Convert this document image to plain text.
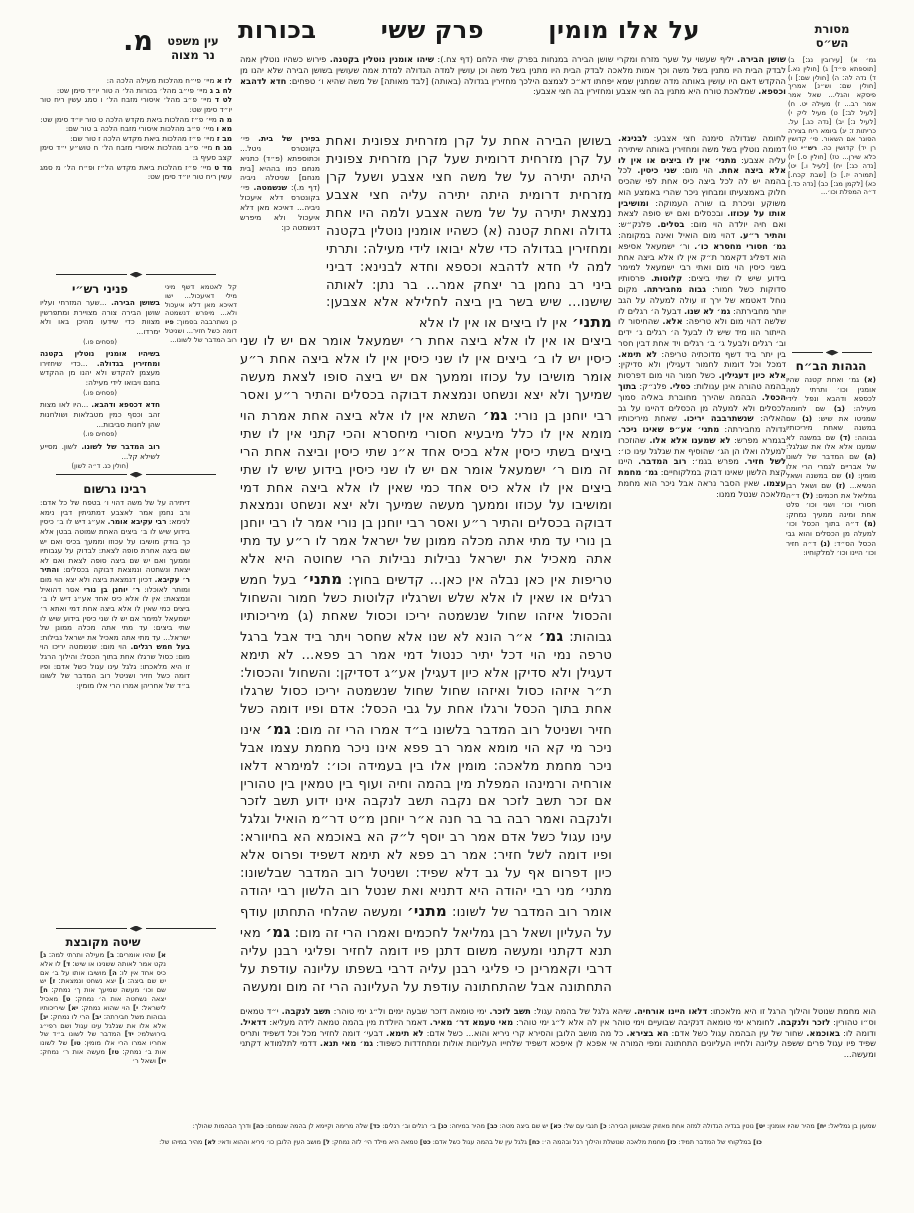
מסורת
הש״ס
על אלו מומין
פרק ששי
בכורות
מ.	עין משפט
נר מצוה
לז א מיי׳ פי״ח מהלכות מעילה הלכה ה:
לח ב ג מיי׳ פי״ב מהל׳ בכורות הל׳ ה טור יו״ד סימן שט:
לט ד מיי׳ פ״ב מהל׳ איסורי מזבח הל׳ ו סמג עשין ריח טור יו״ד סימן שט:
מ ה מיי׳ פ״ז מהלכות ביאת מקדש הלכה ט טור יו״ד סימן שט:
מא ו מיי׳ פ״ב מהלכות איסורי מזבח הלכה ב טור שם:
מב ז מיי׳ פ״ז מהלכות ביאת מקדש הלכה ז טור שם:
מג ח מיי׳ פ״ב מהלכות איסורי מזבח הל׳ ח טוש״ע י״ד סימן קצב סעיף ג:
מד ט מיי׳ פ״ז מהלכות ביאת מקדש הל״ז ופ״ח הל׳ מ סמג עשין ריח טור יו״ד סימן שט:
פניני רש״י
בשושן הבירה. ...שער המזרחי ועליו שושן הבירה צורה מצויירת ומתפרשין מצוות כדי שידעו מהיכן באו ולא ימרדו...
(פסחים פו.)
בשיהיו אומנין נוטלין בקטנה ומחזירין בגדולה. ...כדי שיחזירו מעצמן להקדש ולא יהנו מן ההקדש בחנם ויבואו לידי מעילה:
(פסחים פו.)
חדא דכספא ודהבא. ...היו לאו מצות זהב וכסף כמין מטבלאות ושולחנות שהן לחנות סביבות...
(פסחים פו.)
רוב המדבר של לשונו. לשון. מסייע לשילא קל...
(חולין כג. ד״ה לשון)
קל לאטמא דשף מיני מילי דאיעכול... ישו דאיכא מאן דלא איעכול ולא... מיפרש דנשמטה כן נשתרבבה בסמוך: פיו דומה כשל חזיר... ושניטל רוב המדבר של לשונו...
רבינו גרשום
דיתירה על של משה דהוי ו׳ בטפח של כל אדם: ורב נחמן אמר לאצבע דמתניתין דבין נימא לנימא: רבי עקיבא אומר. אע״ג דיש לו ב׳ כיסין בידוע שיש לו ב׳ ביצים האחת שמוטה בבטן אלא כך בודק מושיבו על עכוזו וממעך בכיס ואם יש שם ביצה אחרת סופה לצאת: לבדוק על עגבותיו וממעך ואם יש שם ביצה סופה לצאת ואם לא יצאת ונשחטה ונמצאת דבוקה בכסלים: והתיר ר׳ עקיבא. דכיון דנמצאת ביצה ולא יצא הוי מום ומותר לאוכלו: ר׳ יוחנן בן נורי אסר דהואיל ונמצאת: אין לו אלא כיס אחד אע״ג דיש לו ב׳ ביצים כמי שאין לו אלא ביצה אחת דמי ואתא ר׳ ישמעאל למימר אם יש לו שני כיסין בידוע שיש לו שתי ביצים: עד מתי אתה מכלה ממונן של ישראל... עד מתי אתה מאכיל את ישראל נבילות: בעל חמש רגלים. הוי מום: שנשמטה יריכו הוי מום: כסול שרגלו אחת בתוך הכסל: והילוך הרגל זו היא מלאכתו: גלגל עינו עגול כשל אדם: ופיו דומה כשל חזיר ושניטל רוב המדבר של לשונו ב״ד של אחריהן אמרו הרי אלו מומין:
שיטה מקובצת
א] שהיו אומרים: ב] מעילה ותרתי למה: ג] נקט אמר לאותה ששנינו או שיש: ד] לו אלא כיס אחד אין לו: ה] מושיבו אותו על ב׳ אם יש שם ביצה: ו] יצא נשחט ונמצאת: ז] יש שם וכו׳ מעשה שמיעך אות ך׳ נמחק: ח] יצאה נשחטה אות ה׳ נמחק: ט] מאכיל לישראל: י] הוי שהוא נמחק: יא] שיריכותיו גבוהות משל חבירתה: יב] הרי לו נמחק: יג] אלא אלו את שגלגל עינו עגול ושם רפי״ג בירושלמי: יד] המדבר של לשונו ב״ד של אחריו אמרו הרי אלו מומין: טו] של לשונו אות ב׳ נמחק: טז] מעשה אות ר׳ נמחק: יז] ושאל ר׳
גמ׳ א) [עירובין נג:] ב) [תוספתא פ״ד] ג) [חולין נא.] ד) נדה לה: ה) [חולין שם:] ו) [חולין שם: וש״נ] אמריך פיסקא והגלי... שאל אמר אמר רב... ז) מעילה יט. ח) [לעיל לב:] ט) מעיל ליק י) [לעיל נ:] יב) [נדה כג.] על. כריתות ז: יג) ביומא ריח בצירה הסוגר אם השאור. פי׳ קדושין רן יד) קדושין כה. רש״י טו) כלא שירן... טז) [חולין ס.] יז) [נדה כג:] יח) [לעיל ו.] יט) [תמורה יז.] כ) [שבת קכח.] כא) [לקמן מג:] כב) [נדה כד.] ד״ה המפלת וכו׳...
הגהות הב״ח
(א) גמ׳ ואחת קטנה שהיו אומנין וכו׳ ותרתי למה לכספא ודהבא ונפל לידי מעילה: (ב) שם לחומה שמניטו את שיש: (ג) שם במשנה שאחת מיריכותיו גבוהה: (ד) שם במשנה לא שמענו אלא אלו את שגלגל: (ה) שם המדבר של לשונו של אבריים לגמרי הרי אלו מומין: (ו) שם במשנה ושאל הנשיא... (ז) שם ושאל רבן גמליאל את חכמים: (ל) ד״ה חסורי וכו׳ ושני וכו׳ פלט אחת ומינה ממעיך נמחק: (מ) ד״ה בתוך הכסל וכו׳ למעלה מן הכסלים והוא גבי הכסל הס״ד: (נ) ד״ה חזיר וכו׳ היינו וכו׳ למלקוחיו:
שושן הבירה. יליף שעשוי על שער מזרח ומקרי שושן הבירה במנחות בפרק שתי הלחם (דף צח.): שיהו אומנין נוטלין בקטנה. פירוש כשהיו נוטלין אמה לבדק הבית היו מתנין בשל משה וכך אמות מלאכה לבדק הבית היו מתנין בשל משה וכן עושין למדה הגדולה למדת אמה שעושין בשושן הבירה שלא יהנו מן ההקדש דאם היו עושין באותה מדה שמתנין שמא יפחתו דא״כ לצמצם הילכך מחזירין בגדולה (באותה) [לבד מאותה] של משה שהיא ו׳ טפחים: חדא לדהבא וכספא. שמלאכת טורח היא מתנין בה חצי אצבע ומחזירין בה חצי אצבע:
בפירן של בית. פי׳ בקונטרס ניטל... וכתוספתא (פ״ד) כתניא מנחם כמו בההיא [בית מנחם] שניטלה ניביה (דף מ.): שנשמטה. פי׳ בקונטרס דלא איעכול ניביה... דאיכא מאן דלא איעכול ולא מיפרש דנשמטה כן:
בשושן הבירה אחת על קרן מזרחית צפונית ואחת על קרן מזרחית דרומית שעל קרן מזרחית צפונית היתה יתירה על של משה חצי אצבע ושעל קרן מזרחית דרומית היתה יתירה עליה חצי אצבע נמצאת יתירה על של משה אצבע ולמה היו אחת גדולה ואחת קטנה (א) כשהיו אומנין נוטלין בקטנה ומחזירין בגדולה כדי שלא יבואו לידי מעילה: ותרתי למה לי חדא לדהבא וכספא וחדא לבנינא: דביני ביני רב נחמן בר יצחק אמר... בר נתן: לאותה שישנו... שיש בשר בין ביצה לחלילא אלא אצבען: מתני׳ אין לו ביצים או אין לו אלא
ביצים או אין לו אלא ביצה אחת ר׳ ישמעאל אומר אם יש לו שני כיסין יש לו ב׳ ביצים אין לו שני כיסין אין לו אלא ביצה אחת ר״ע אומר מושיבו על עכוזו וממעך אם יש ביצה סופו לצאת מעשה שמיעך ולא יצא ונשחט ונמצאת דבוקה בכסלים והתיר ר״ע ואסר רבי יוחנן בן נורי: גמ׳ השתא אין לו אלא ביצה אחת אמרת הוי מומא אין לו כלל מיבעיא חסורי מיחסרא והכי קתני אין לו שתי ביצים בשתי כיסין אלא בכיס אחד א״נ שתי כיסין וביצה אחת הרי זה מום ר׳ ישמעאל אומר אם יש לו שני כיסין בידוע שיש לו שתי ביצים אין לו אלא כיס אחד כמי שאין לו אלא ביצה אחת דמי ומושיבו על עכוזו וממעך מעשה שמיעך ולא יצא ונשחט ונמצאת דבוקה בכסלים והתיר ר״ע ואסר רבי יוחנן בן נורי אמר לו רבי יוחנן בן נורי עד מתי אתה מכלה ממונן של ישראל אמר לו ר״ע עד מתי אתה מאכיל את ישראל נבילות נבילות הרי שחוטה היא אלא טריפות אין כאן נבלה אין כאן... קדשים בחוץ: מתני׳ בעל חמש רגלים או שאין לו אלא שלש ושרגליו קלוטות כשל חמור והשחול והכסול איזהו שחול שנשמטה יריכו וכסול שאחת (ג) מיריכותיו גבוהות: גמ׳ א״ר הונא לא שנו אלא שחסר ויתר ביד אבל ברגל טרפה נמי הוי דכל יתיר כנטול דמי אמר רב פפא... לא תימא דעגילן ולא סדיקן אלא כיון דעגילן אע״ג דסדיקן: והשחול והכסול: ת״ר איזהו כסול ואיזהו שחול שחול שנשמטה יריכו כסול שרגלו אחת בתוך הכסל ורגלו אחת על גבי הכסל: אדם ופיו דומה כשל חזיר ושניטל רוב המדבר בלשונו ב״ד אמרו הרי זה מום: גמ׳ אינו ניכר מי קא הוי מומא אמר רב פפא אינו ניכר מחמת עצמו אבל ניכר מחמת מלאכה: מומין אלו בין בעמידה וכו׳: למימרא דלאו אורחיה ורמינהו המפלת מין בהמה וחיה ועוף בין טמאין בין טהורין אם זכר תשב לזכר אם נקבה תשב לנקבה אינו ידוע תשב לזכר ולנקבה ואמר רבה בר בר חנה א״ר יוחנן מ״ט דר״מ הואיל וגלגל עינו עגול כשל אדם אמר רב יוסף ל״ק הא באוכמא הא בחיוורא: ופיו דומה לשל חזיר: אמר רב פפא לא תימא דשפיד ופרוס אלא כיון דפרום אף על גב דלא שפיד: ושניטל רוב המדבר שבלשונו: מתני׳ מני רבי יהודה היא דתניא ואת שנטל רוב הלשון רבי יהודה אומר רוב המדבר של לשונו: מתני׳ ומעשה שהלחי התחתון עודף על העליון ושאל רבן גמליאל לחכמים ואמרו הרי זה מום: גמ׳ מאי תנא דקתני ומעשה משום דתנן פיו דומה לחזיר ופליגי רבנן עליה דרבי וקאמרינן כי פליגי רבנן עליה דרבי בשפתו עליונה עודפת על התחתונה אבל שהתחתונה עודפת על העליונה הרי זה מום ומעשה
לחומה שגדולה סימנה חצי אצבע: לבנינא. דמומה נוטלין בשל משה ומחזירין באותה שיתירה עליה אצבע: מתני׳ אין לו ביצים או אין לו אלא ביצה אחת. הוי מום: שני כיסין. לכל בהמה יש לה לכל ביצה כיס אחת לפי שהכיס חלוק באמצעיתו ומבחוץ ניכר שהרי באמצע הוא משוקע וניכרת בו שורה העמוקה: ומושיבין אותו על עכוזו. ובכסלים ואם יש סופה לצאת ואם חיה יולדה הוי מום: בסלים. פלנק״ש: והתיר ר״ע. דהוי מום הואיל ואינה במקומה: גמ׳ חסורי מחסרא כו׳. ור׳ ישמעאל אסיפא הוא דפליג דקאמר ת״ק אין לו אלא ביצה אחת בשני כיסין הוי מום ואתי רבי ישמעאל למימר בידוע שיש לו שתי ביצים: קלוטות. פרסותיו סדוקות כשל חמור: גבוה מחבירתה. מקום נוחל דאטמא של ירך זו עולה למעלה על הגב יותר מחבירתה: גמ׳ לא שנו. דבעל ה׳ רגלים לו שלשה דהוי מום ולא טריפה: אלא. שהחיסור לו הייתור הוו מיד שיש לו לבעל ה׳ רגלים ג׳ ידים וב׳ רגלים ולבעל ג׳ ב׳ רגלים ויד אחת דבין חסר בין יתר ביד דשף מדוכתיה טריפה: לא תימא. דמכל וכל דומות לחמור דעגילין ולא סדיקין: אלא כיון דעגילין. כשל חמור הוי מום דפרסות בהמה טהורה אינן עגולות: כסלי. פלנ״ק: בתוך הכסל. הבהמה שהירך מחוברת באליה סמוך לכסלים ולא למעלה מן הכסלים דהיינו על גב האליה: שנשתרבבה יריכו. שאחת מיריכותיו גדולה מחבירתה: מתני׳ אע״פ שאינו ניכר. בגמרא מפרש: לא שמענו אלא אלו. שהוזכרו למעלה ואלו הן הג׳ שהוסיף את שגלגל עינו כו׳: לשל חזיר. מפרש בגמ׳: רוב המדבר. היינו קצת הלשון שאינו דבוק במלקוחיים: גמ׳ מחמת עצמו. שאין הסבר נראה אבל ניכר הוא מחמת מלאכה שנטל ממנו:
הוא מחמת שנוטל והילוך הרגל זו היא מלאכתו: דלאו היינו אורחיה. שיהא גלגל של בהמה עגול: תשב לזכר. ימי טומאה דזכר שבעה ימים ול״ג ימי טוהר: תשב לנקבה. י״ד טמאים וס״ו טהורין: לזכר ולנקבה. לחומרא ימי טומאה דנקיבה שבועיים וימי טוהר אין לה אלא ל״ג ימי טוהר: מאי טעמא דר׳ מאיר. דאמר היולדת מין בהמה טמאה לידה מעליא: דדאיל. ודומה לו: באוכמא. שחור של עין הבהמה עגול כשל אדם: הא בצירא. כל מה מושב הלובן והסירא קרי ניריא והוא... כשל אדם: לא תימא. דבעי׳ דומה לחזיר מכל וכל דשפיד ותריס שפיד פיו עגול פרים ששפה עליונה ולחייו העליונים התחתונה ומפי המורה אי אפכא לן איפכא דשפיד שלחייו העליונות אולות ומתחדדות כשפוד: גמ׳ מאי תנא. דדמי לתלמודא דקתני ומעשה...
שמעון בן גמליאל: יח] מהיר שהיו אומנין: יט] נוטין בגדיה הגדולה למזה אחת מאזוק שבשושן הבירה: כ] תנבי עם של: כא] יש שם ביצה מטה: כב] מהיר במיחה: כג] ב׳ רגלים וב׳ רגלים: כד] שלה מרימה וקיימא לן בהמה שנמחם: כה] ודרך הבהמות שהולך:
כו] במלקוחי של המדבר תמיד: כז] מחמת מלאכה שנושלת והילוך רגל ובהמה ה׳: כח] גלגל עין של בהמה עגול כשל אדם: כט] טמאה היא מילד הי׳ לזה נמחק: ל] מושב העין הלובן כו׳ ניריא וההוא ודאי: לא] מהיר במיהו של:
